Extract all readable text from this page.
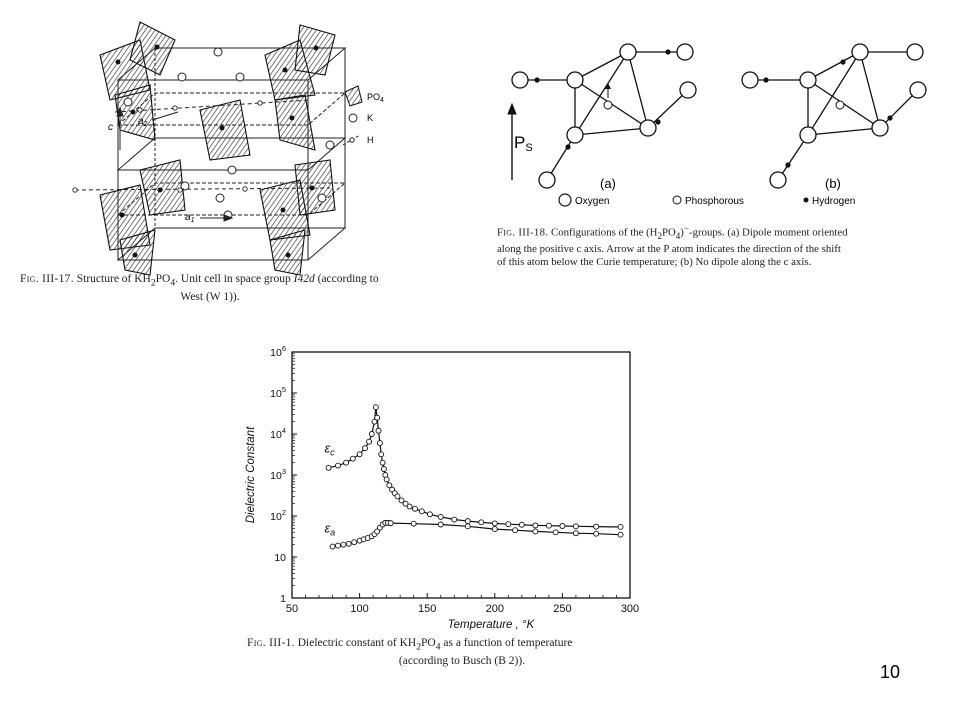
c
$a_2$
$a_1$
$PO_4$
K
H
Fig. III-17. Structure of $KH_2PO_4$. Unit cell in space group I42d (according to
West (W 1)).
PS
(a)	(b)
Oxygen	Phosphorous	Hydrogen
Fig. III-18. Configurations of the $(H_2PO_4)^-$-groups. (a) Dipole moment oriented
along the positive c axis. Arrow at the P atom indicates the direction of the shift
of this atom below the Curie temperature; (b) No dipole along the c axis.
50	100	150	200	250	300
1
10
$10^2$
$10^3$
$10^4$
$10^5$
$10^6$
Temperature , °K
Dielectric Constant	$\varepsilon_c$
$\varepsilon_a$
Fig. III-1. Dielectric constant of $KH_2PO_4$ as a function of temperature
(according to Busch (B 2)).
10
